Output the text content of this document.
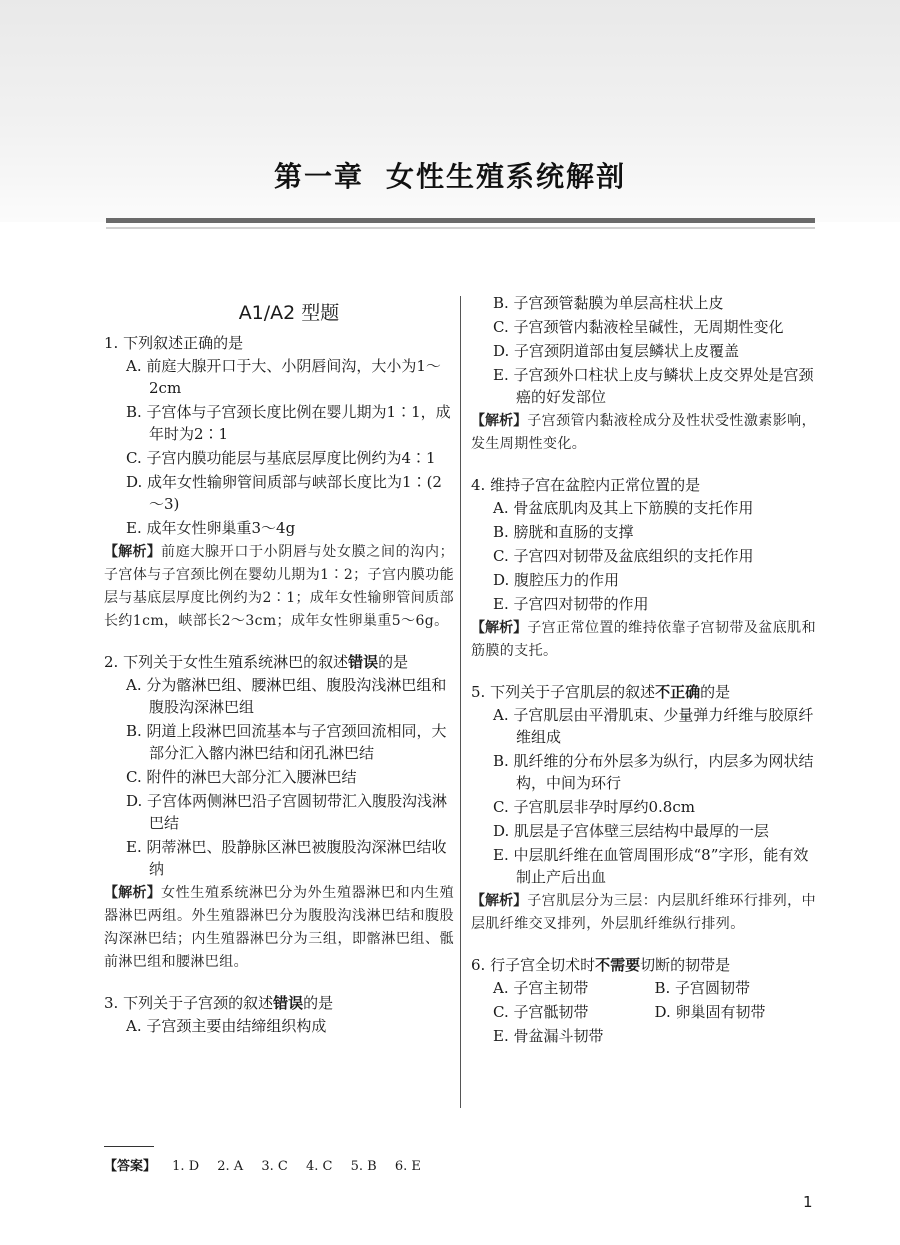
第一章 女性生殖系统解剖
A1/A2 型题
1. 下列叙述正确的是
A. 前庭大腺开口于大、小阴唇间沟，大小为1～2cm
B. 子宫体与子宫颈长度比例在婴儿期为1∶1，成年时为2∶1
C. 子宫内膜功能层与基底层厚度比例约为4∶1
D. 成年女性输卵管间质部与峡部长度比为1∶(2～3)
E. 成年女性卵巢重3～4g
【解析】前庭大腺开口于小阴唇与处女膜之间的沟内；子宫体与子宫颈比例在婴幼儿期为1∶2；子宫内膜功能层与基底层厚度比例约为2∶1；成年女性输卵管间质部长约1cm，峡部长2～3cm；成年女性卵巢重5～6g。
2. 下列关于女性生殖系统淋巴的叙述错误的是
A. 分为髂淋巴组、腰淋巴组、腹股沟浅淋巴组和腹股沟深淋巴组
B. 阴道上段淋巴回流基本与子宫颈回流相同，大部分汇入髂内淋巴结和闭孔淋巴结
C. 附件的淋巴大部分汇入腰淋巴结
D. 子宫体两侧淋巴沿子宫圆韧带汇入腹股沟浅淋巴结
E. 阴蒂淋巴、股静脉区淋巴被腹股沟深淋巴结收纳
【解析】女性生殖系统淋巴分为外生殖器淋巴和内生殖器淋巴两组。外生殖器淋巴分为腹股沟浅淋巴结和腹股沟深淋巴结；内生殖器淋巴分为三组，即髂淋巴组、骶前淋巴组和腰淋巴组。
3. 下列关于子宫颈的叙述错误的是
A. 子宫颈主要由结缔组织构成
B. 子宫颈管黏膜为单层高柱状上皮
C. 子宫颈管内黏液栓呈碱性，无周期性变化
D. 子宫颈阴道部由复层鳞状上皮覆盖
E. 子宫颈外口柱状上皮与鳞状上皮交界处是宫颈癌的好发部位
【解析】子宫颈管内黏液栓成分及性状受性激素影响，发生周期性变化。
4. 维持子宫在盆腔内正常位置的是
A. 骨盆底肌肉及其上下筋膜的支托作用
B. 膀胱和直肠的支撑
C. 子宫四对韧带及盆底组织的支托作用
D. 腹腔压力的作用
E. 子宫四对韧带的作用
【解析】子宫正常位置的维持依靠子宫韧带及盆底肌和筋膜的支托。
5. 下列关于子宫肌层的叙述不正确的是
A. 子宫肌层由平滑肌束、少量弹力纤维与胶原纤维组成
B. 肌纤维的分布外层多为纵行，内层多为网状结构，中间为环行
C. 子宫肌层非孕时厚约0.8cm
D. 肌层是子宫体壁三层结构中最厚的一层
E. 中层肌纤维在血管周围形成“8”字形，能有效制止产后出血
【解析】子宫肌层分为三层：内层肌纤维环行排列，中层肌纤维交叉排列，外层肌纤维纵行排列。
6. 行子宫全切术时不需要切断的韧带是
A. 子宫主韧带	B. 子宫圆韧带
C. 子宫骶韧带	D. 卵巢固有韧带
E. 骨盆漏斗韧带
【答案】 1. D 2. A 3. C 4. C 5. B 6. E
1
